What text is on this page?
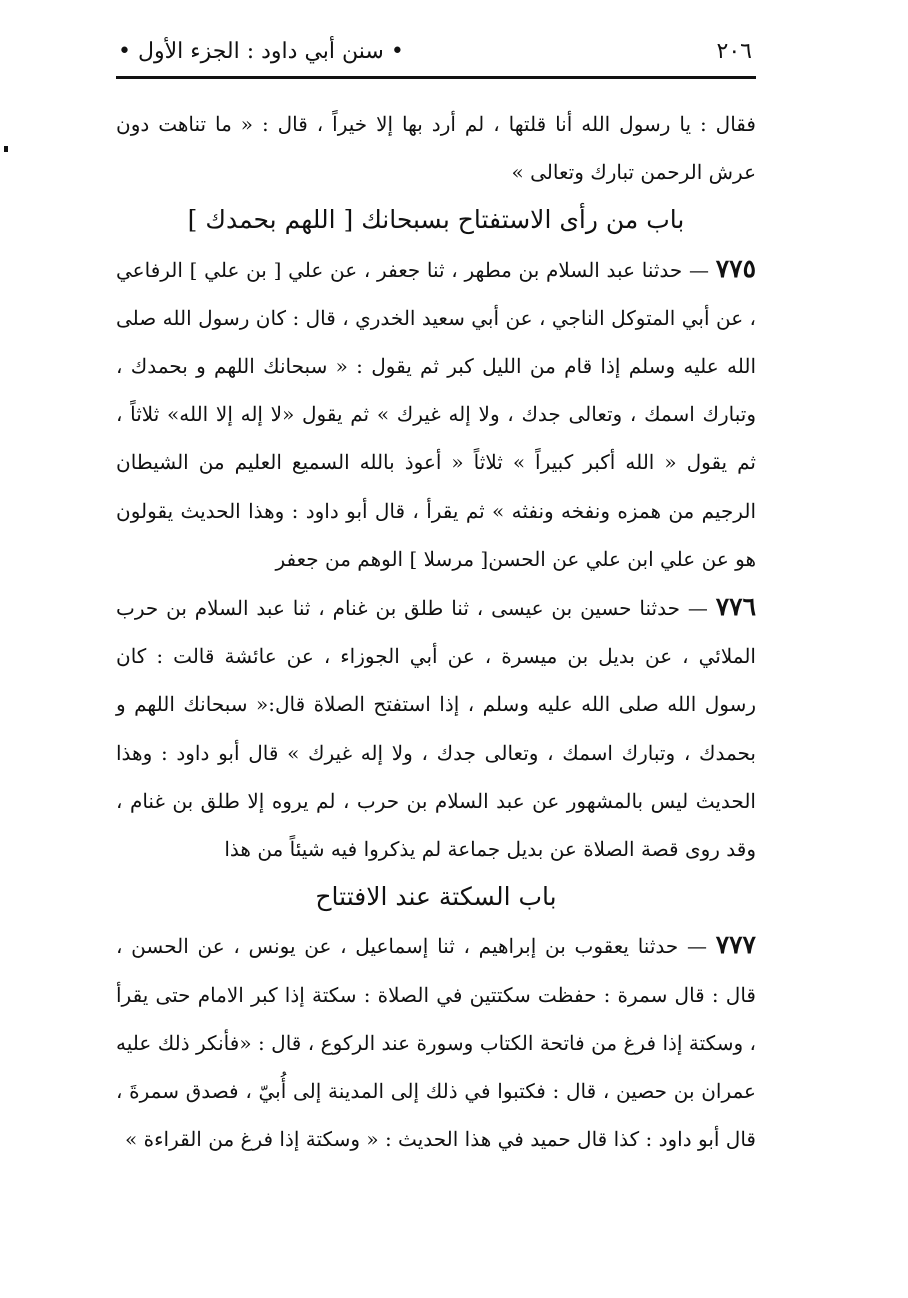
٢٠٦
• سنن أبي داود : الجزء الأول •

فقال : يا رسول الله أنا قلتها ، لم أرد بها إلا خيراً ، قال : « ما تناهت دون عرش الرحمن تبارك وتعالى »

باب من رأى الاستفتاح بسبحانك [ اللهم بحمدك ]

٧٧٥ — حدثنا عبد السلام بن مطهر ، ثنا جعفر ، عن علي [ بن علي ] الرفاعي ، عن أبي المتوكل الناجي ، عن أبي سعيد الخدري ، قال : كان رسول الله صلى الله عليه وسلم إذا قام من الليل كبر ثم يقول : « سبحانك اللهم و بحمدك ، وتبارك اسمك ، وتعالى جدك ، ولا إله غيرك » ثم يقول «لا إله إلا الله» ثلاثاً ، ثم يقول « الله أكبر كبيراً » ثلاثاً « أعوذ بالله السميع العليم من الشيطان الرجيم من همزه ونفخه ونفثه » ثم يقرأ ، قال أبو داود : وهذا الحديث يقولون هو عن علي ابن علي عن الحسن[ مرسلا ] الوهم من جعفر

٧٧٦ — حدثنا حسين بن عيسى ، ثنا طلق بن غنام ، ثنا عبد السلام بن حرب الملائي ، عن بديل بن ميسرة ، عن أبي الجوزاء ، عن عائشة قالت : كان رسول الله صلى الله عليه وسلم ، إذا استفتح الصلاة قال:« سبحانك اللهم و بحمدك ، وتبارك اسمك ، وتعالى جدك ، ولا إله غيرك » قال أبو داود : وهذا الحديث ليس بالمشهور عن عبد السلام بن حرب ، لم يروه إلا طلق بن غنام ، وقد روى قصة الصلاة عن بديل جماعة لم يذكروا فيه شيئاً من هذا

باب السكتة عند الافتتاح

٧٧٧ — حدثنا يعقوب بن إبراهيم ، ثنا إسماعيل ، عن يونس ، عن الحسن ، قال : قال سمرة : حفظت سكتتين في الصلاة : سكتة إذا كبر الامام حتى يقرأ ، وسكتة إذا فرغ من فاتحة الكتاب وسورة عند الركوع ، قال : «فأنكر ذلك عليه عمران بن حصين ، قال : فكتبوا في ذلك إلى المدينة إلى أُبيّ ، فصدق سمرةَ ، قال أبو داود : كذا قال حميد في هذا الحديث : « وسكتة إذا فرغ من القراءة »
